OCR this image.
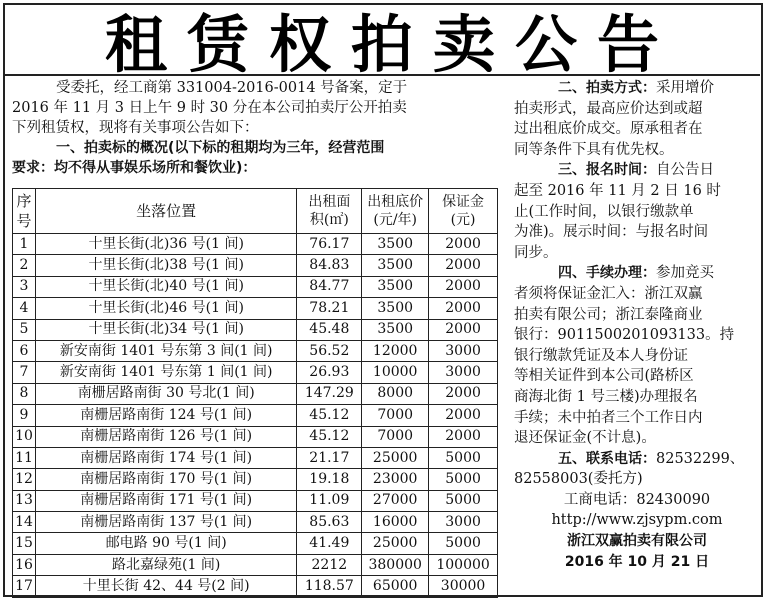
租赁权拍卖公告

受委托，经工商第 331004-2016-0014 号备案，定于

2016 年 11 月 3 日上午 9 时 30 分在本公司拍卖厅公开拍卖

下列租赁权，现将有关事项公告如下：

一、拍卖标的概况(以下标的租期均为三年，经营范围

要求：均不得从事娱乐场所和餐饮业)：

序号	坐落位置	出租面
积(㎡)	出租底价
(元/年)	保证金
(元)
1	十里长街(北)36 号(1 间)	76.17	3500	2000
2	十里长街(北)38 号(1 间)	84.83	3500	2000
3	十里长街(北)40 号(1 间)	84.77	3500	2000
4	十里长街(北)46 号(1 间)	78.21	3500	2000
5	十里长街(北)34 号(1 间)	45.48	3500	2000
6	新安南街 1401 号东第 3 间(1 间)	56.52	12000	3000
7	新安南街 1401 号东第 1 间(1 间)	26.93	10000	3000
8	南栅居路南街 30 号北(1 间)	147.29	8000	2000
9	南栅居路南街 124 号(1 间)	45.12	7000	2000
10	南栅居路南街 126 号(1 间)	45.12	7000	2000
11	南栅居路南街 174 号(1 间)	21.17	25000	5000
12	南栅居路南街 170 号(1 间)	19.18	23000	5000
13	南栅居路南街 171 号(1 间)	11.09	27000	5000
14	南栅居路南街 137 号(1 间)	85.63	16000	3000
15	邮电路 90 号(1 间)	41.49	25000	5000
16	路北嘉绿苑(1 间)	2212	380000	100000
17	十里长街 42、44 号(2 间)	118.57	65000	30000

二、拍卖方式：采用增价

拍卖形式，最高应价达到或超

过出租底价成交。原承租者在

同等条件下具有优先权。

三、报名时间：自公告日

起至 2016 年 11 月 2 日 16 时

止(工作时间，以银行缴款单

为准)。展示时间：与报名时间

同步。

四、手续办理：参加竞买

者须将保证金汇入：浙江双赢

拍卖有限公司；浙江泰隆商业

银行：9011500201093133。持

银行缴款凭证及本人身份证

等相关证件到本公司(路桥区

商海北街 1 号三楼)办理报名

手续；未中拍者三个工作日内

退还保证金(不计息)。

五、联系电话：82532299、

82558003(委托方)

工商电话：82430090

http://www.zjsypm.com

浙江双赢拍卖有限公司

2016 年 10 月 21 日
